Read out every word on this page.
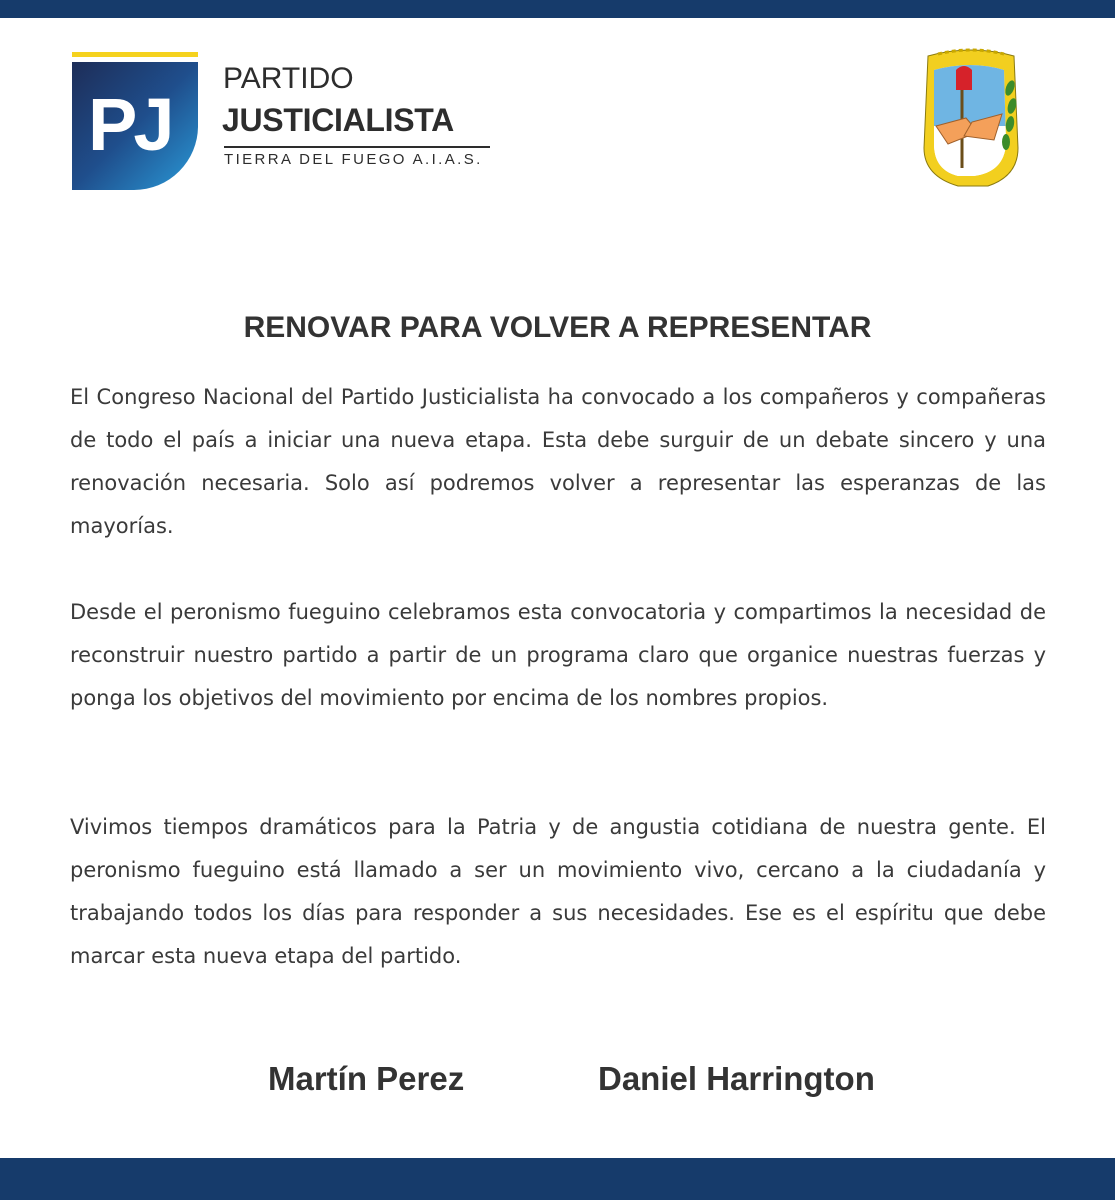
PJ
PARTIDO
JUSTICIALISTA
TIERRA DEL FUEGO A.I.A.S.
RENOVAR PARA VOLVER A REPRESENTAR

El Congreso Nacional del Partido Justicialista ha convocado a los compañeros y compañeras de todo el país a iniciar una nueva etapa. Esta debe surguir de un debate sincero y una renovación necesaria. Solo así podremos volver a representar las esperanzas de las mayorías.

Desde el peronismo fueguino celebramos esta convocatoria y compartimos la necesidad de reconstruir nuestro partido a partir de un programa claro que organice nuestras fuerzas y ponga los objetivos del movimiento por encima de los nombres propios.

Vivimos tiempos dramáticos para la Patria y de angustia cotidiana de nuestra gente. El peronismo fueguino está llamado a ser un movimiento vivo, cercano a la ciudadanía y trabajando todos los días para responder a sus necesidades. Ese es el espíritu que debe marcar esta nueva etapa del partido.

Martín Perez	Daniel Harrington
